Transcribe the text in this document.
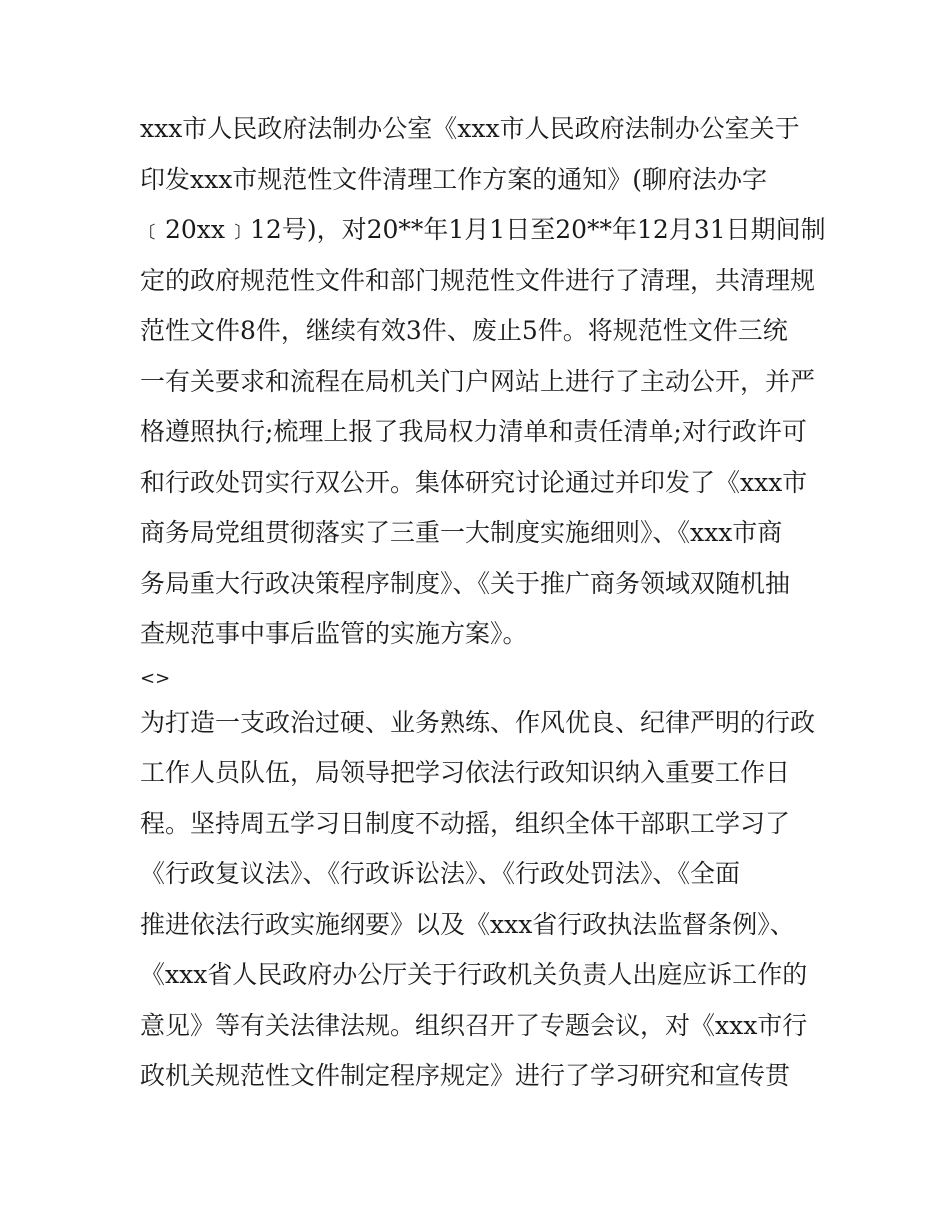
xxx市人民政府法制办公室《xxx市人民政府法制办公室关于
印发xxx市规范性文件清理工作方案的通知》(聊府法办字
﹝20xx﹞12号)，对20**年1月1日至20**年12月31日期间制
定的政府规范性文件和部门规范性文件进行了清理，共清理规
范性文件8件，继续有效3件、废止5件。将规范性文件三统
一有关要求和流程在局机关门户网站上进行了主动公开，并严
格遵照执行;梳理上报了我局权力清单和责任清单;对行政许可
和行政处罚实行双公开。集体研究讨论通过并印发了《xxx市
商务局党组贯彻落实了三重一大制度实施细则》、《xxx市商
务局重大行政决策程序制度》、《关于推广商务领域双随机抽
查规范事中事后监管的实施方案》。
<>
为打造一支政治过硬、业务熟练、作风优良、纪律严明的行政
工作人员队伍，局领导把学习依法行政知识纳入重要工作日
程。坚持周五学习日制度不动摇，组织全体干部职工学习了
《行政复议法》、《行政诉讼法》、《行政处罚法》、《全面
推进依法行政实施纲要》以及《xxx省行政执法监督条例》、
《xxx省人民政府办公厅关于行政机关负责人出庭应诉工作的
意见》等有关法律法规。组织召开了专题会议，对《xxx市行
政机关规范性文件制定程序规定》进行了学习研究和宣传贯
